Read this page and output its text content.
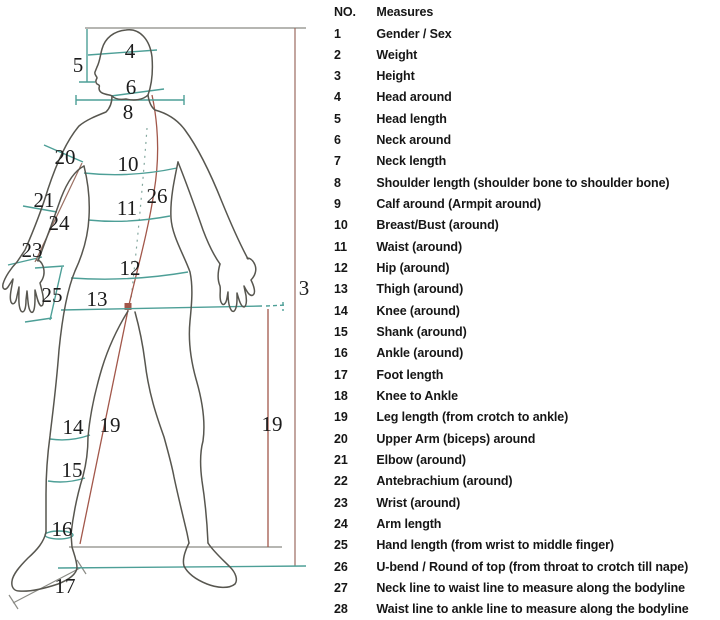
4
5
6
8
20 10
26
11
21
24
23
12
25 13	3
14 19	19
15
16
17
NO. Measures
1	Gender / Sex
2	Weight
3	Height
4	Head around
5	Head length
6	Neck around
7	Neck length
8	Shoulder length (shoulder bone to shoulder bone)
9	Calf around (Armpit around)
10 Breast/Bust (around)
11 Waist (around)
12 Hip (around)
13 Thigh (around)
14 Knee (around)
15 Shank (around)
16 Ankle (around)
17 Foot length
18 Knee to Ankle
19 Leg length (from crotch to ankle)
20 Upper Arm (biceps) around
21 Elbow (around)
22 Antebrachium (around)
23 Wrist (around)
24 Arm length
25 Hand length (from wrist to middle finger)
26 U-bend / Round of top (from throat to crotch till nape)
27 Neck line to waist line to measure along the bodyline
28 Waist line to ankle line to measure along the bodyline
